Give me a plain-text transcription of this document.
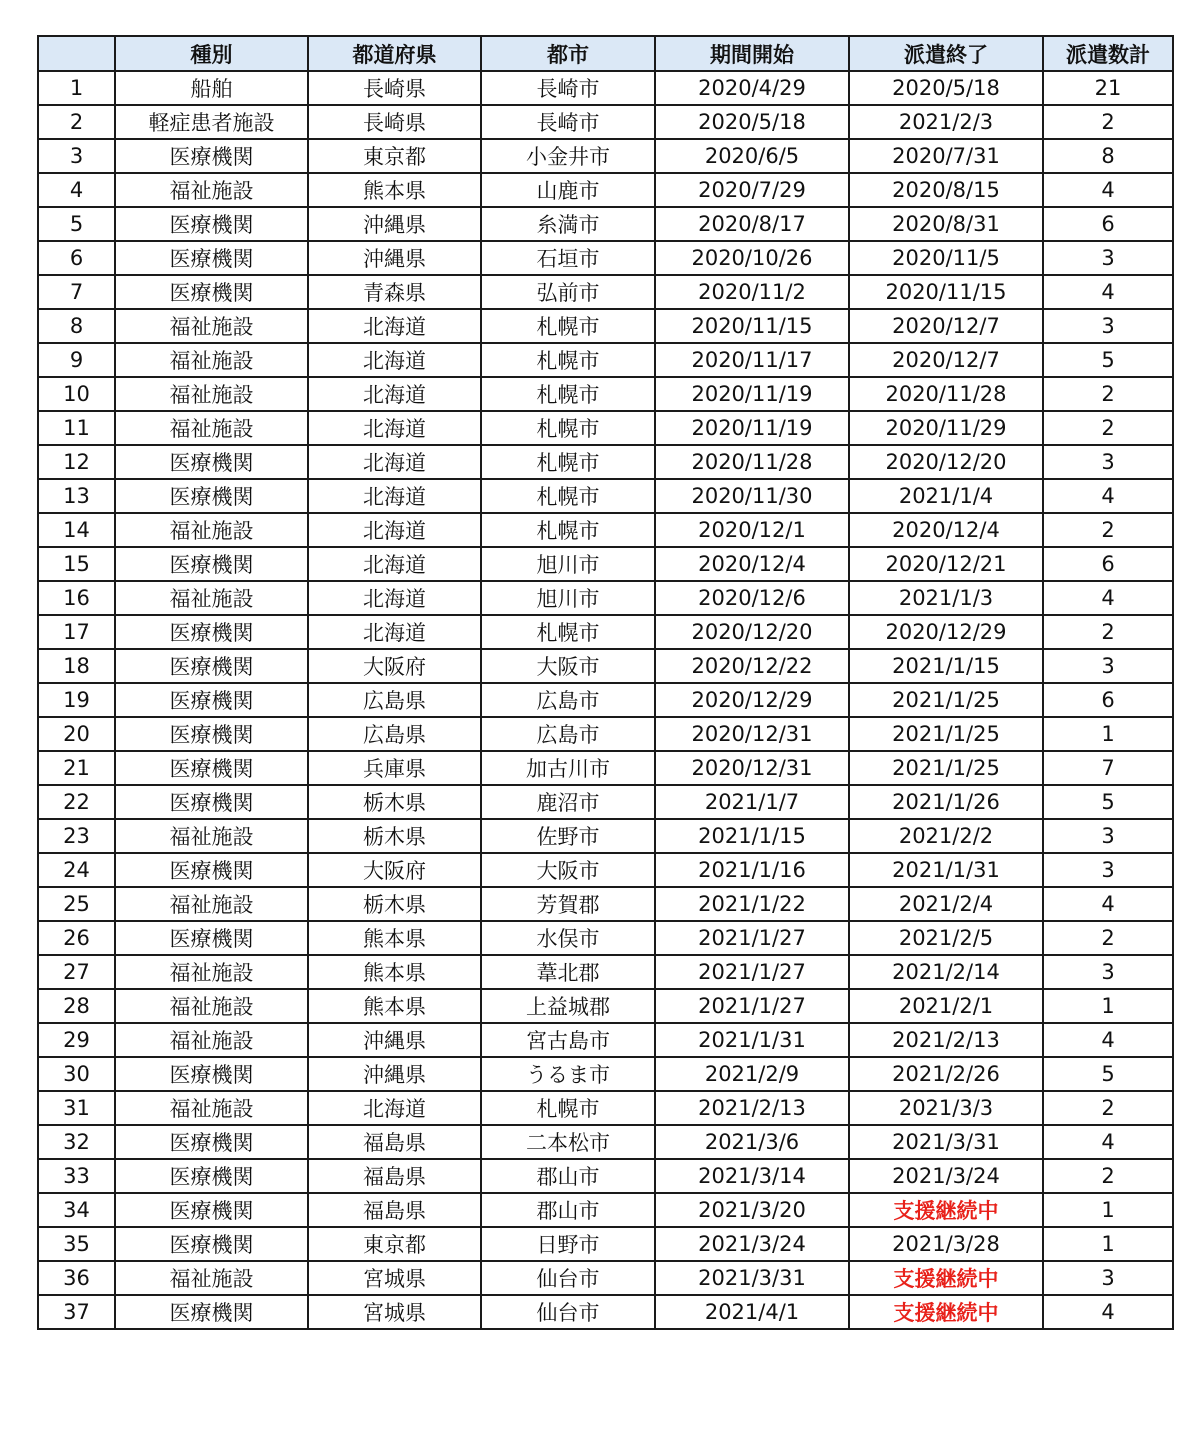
	種別	都道府県	都市	期間開始	派遣終了	派遣数計
1	船舶	長崎県	長崎市	2020/4/29	2020/5/18	21
2	軽症患者施設	長崎県	長崎市	2020/5/18	2021/2/3	2
3	医療機関	東京都	小金井市	2020/6/5	2020/7/31	8
4	福祉施設	熊本県	山鹿市	2020/7/29	2020/8/15	4
5	医療機関	沖縄県	糸満市	2020/8/17	2020/8/31	6
6	医療機関	沖縄県	石垣市	2020/10/26	2020/11/5	3
7	医療機関	青森県	弘前市	2020/11/2	2020/11/15	4
8	福祉施設	北海道	札幌市	2020/11/15	2020/12/7	3
9	福祉施設	北海道	札幌市	2020/11/17	2020/12/7	5
10	福祉施設	北海道	札幌市	2020/11/19	2020/11/28	2
11	福祉施設	北海道	札幌市	2020/11/19	2020/11/29	2
12	医療機関	北海道	札幌市	2020/11/28	2020/12/20	3
13	医療機関	北海道	札幌市	2020/11/30	2021/1/4	4
14	福祉施設	北海道	札幌市	2020/12/1	2020/12/4	2
15	医療機関	北海道	旭川市	2020/12/4	2020/12/21	6
16	福祉施設	北海道	旭川市	2020/12/6	2021/1/3	4
17	医療機関	北海道	札幌市	2020/12/20	2020/12/29	2
18	医療機関	大阪府	大阪市	2020/12/22	2021/1/15	3
19	医療機関	広島県	広島市	2020/12/29	2021/1/25	6
20	医療機関	広島県	広島市	2020/12/31	2021/1/25	1
21	医療機関	兵庫県	加古川市	2020/12/31	2021/1/25	7
22	医療機関	栃木県	鹿沼市	2021/1/7	2021/1/26	5
23	福祉施設	栃木県	佐野市	2021/1/15	2021/2/2	3
24	医療機関	大阪府	大阪市	2021/1/16	2021/1/31	3
25	福祉施設	栃木県	芳賀郡	2021/1/22	2021/2/4	4
26	医療機関	熊本県	水俣市	2021/1/27	2021/2/5	2
27	福祉施設	熊本県	葦北郡	2021/1/27	2021/2/14	3
28	福祉施設	熊本県	上益城郡	2021/1/27	2021/2/1	1
29	福祉施設	沖縄県	宮古島市	2021/1/31	2021/2/13	4
30	医療機関	沖縄県	うるま市	2021/2/9	2021/2/26	5
31	福祉施設	北海道	札幌市	2021/2/13	2021/3/3	2
32	医療機関	福島県	二本松市	2021/3/6	2021/3/31	4
33	医療機関	福島県	郡山市	2021/3/14	2021/3/24	2
34	医療機関	福島県	郡山市	2021/3/20	支援継続中	1
35	医療機関	東京都	日野市	2021/3/24	2021/3/28	1
36	福祉施設	宮城県	仙台市	2021/3/31	支援継続中	3
37	医療機関	宮城県	仙台市	2021/4/1	支援継続中	4
